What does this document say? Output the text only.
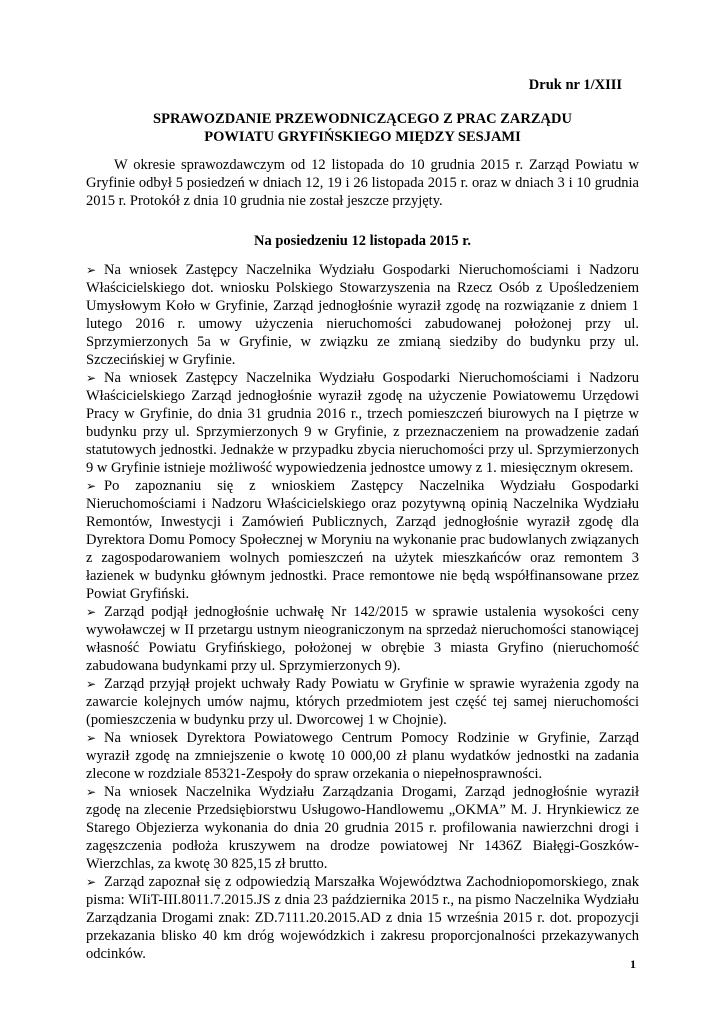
Druk nr 1/XIII
SPRAWOZDANIE PRZEWODNICZĄCEGO Z PRAC ZARZĄDU
POWIATU GRYFIŃSKIEGO MIĘDZY SESJAMI
W okresie sprawozdawczym od 12 listopada do 10 grudnia 2015 r. Zarząd Powiatu w Gryfinie odbył 5 posiedzeń w dniach 12, 19 i 26 listopada 2015 r. oraz w dniach 3 i 10 grudnia 2015 r. Protokół z dnia 10 grudnia nie został jeszcze przyjęty.
Na posiedzeniu 12 listopada 2015 r.
➢ Na wniosek Zastępcy Naczelnika Wydziału Gospodarki Nieruchomościami i Nadzoru Właścicielskiego dot. wniosku Polskiego Stowarzyszenia na Rzecz Osób z Upośledzeniem Umysłowym Koło w Gryfinie, Zarząd jednogłośnie wyraził zgodę na rozwiązanie z dniem 1 lutego 2016 r. umowy użyczenia nieruchomości zabudowanej położonej przy ul. Sprzymierzonych 5a w Gryfinie, w związku ze zmianą siedziby do budynku przy ul. Szczecińskiej w Gryfinie.
➢ Na wniosek Zastępcy Naczelnika Wydziału Gospodarki Nieruchomościami i Nadzoru Właścicielskiego Zarząd jednogłośnie wyraził zgodę na użyczenie Powiatowemu Urzędowi Pracy w Gryfinie, do dnia 31 grudnia 2016 r., trzech pomieszczeń biurowych na I piętrze w budynku przy ul. Sprzymierzonych 9 w Gryfinie, z przeznaczeniem na prowadzenie zadań statutowych jednostki. Jednakże w przypadku zbycia nieruchomości przy ul. Sprzymierzonych 9 w Gryfinie istnieje możliwość wypowiedzenia jednostce umowy z 1. miesięcznym okresem.
➢ Po zapoznaniu się z wnioskiem Zastępcy Naczelnika Wydziału Gospodarki Nieruchomościami i Nadzoru Właścicielskiego oraz pozytywną opinią Naczelnika Wydziału Remontów, Inwestycji i Zamówień Publicznych, Zarząd jednogłośnie wyraził zgodę dla Dyrektora Domu Pomocy Społecznej w Moryniu na wykonanie prac budowlanych związanych z zagospodarowaniem wolnych pomieszczeń na użytek mieszkańców oraz remontem 3 łazienek w budynku głównym jednostki. Prace remontowe nie będą współfinansowane przez Powiat Gryfiński.
➢ Zarząd podjął jednogłośnie uchwałę Nr 142/2015 w sprawie ustalenia wysokości ceny wywoławczej w II przetargu ustnym nieograniczonym na sprzedaż nieruchomości stanowiącej własność Powiatu Gryfińskiego, położonej w obrębie 3 miasta Gryfino (nieruchomość zabudowana budynkami przy ul. Sprzymierzonych 9).
➢ Zarząd przyjął projekt uchwały Rady Powiatu w Gryfinie w sprawie wyrażenia zgody na zawarcie kolejnych umów najmu, których przedmiotem jest część tej samej nieruchomości (pomieszczenia w budynku przy ul. Dworcowej 1 w Chojnie).
➢ Na wniosek Dyrektora Powiatowego Centrum Pomocy Rodzinie w Gryfinie, Zarząd wyraził zgodę na zmniejszenie o kwotę 10 000,00 zł planu wydatków jednostki na zadania zlecone w rozdziale 85321-Zespoły do spraw orzekania o niepełnosprawności.
➢ Na wniosek Naczelnika Wydziału Zarządzania Drogami, Zarząd jednogłośnie wyraził zgodę na zlecenie Przedsiębiorstwu Usługowo-Handlowemu „OKMA” M. J. Hrynkiewicz ze Starego Objezierza wykonania do dnia 20 grudnia 2015 r. profilowania nawierzchni drogi i zagęszczenia podłoża kruszywem na drodze powiatowej Nr 1436Z Białęgi-Goszków-Wierzchlas, za kwotę 30 825,15 zł brutto.
➢ Zarząd zapoznał się z odpowiedzią Marszałka Województwa Zachodniopomorskiego, znak pisma: WIiT-III.8011.7.2015.JS z dnia 23 października 2015 r., na pismo Naczelnika Wydziału Zarządzania Drogami znak: ZD.7111.20.2015.AD z dnia 15 września 2015 r. dot. propozycji przekazania blisko 40 km dróg wojewódzkich i zakresu proporcjonalności przekazywanych odcinków.
1
